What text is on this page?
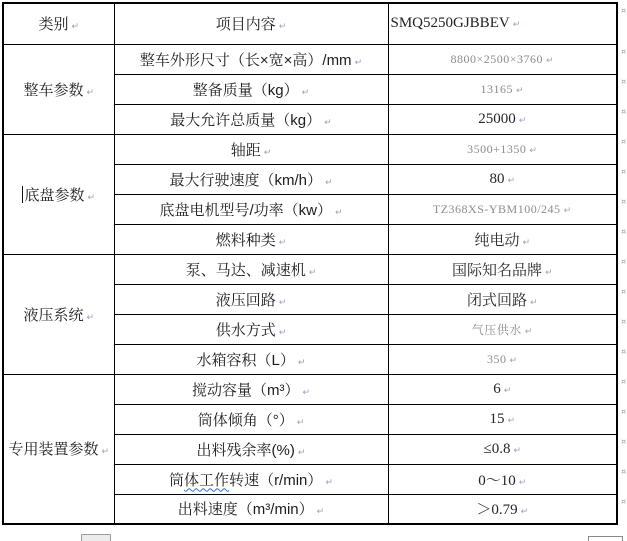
类别 ↵	项目内容 ↵	SMQ5250GJBBEV ↵
整车参数 ↵	整车外形尺寸（长×宽×高）/mm ↵	8800×2500×3760 ↵
	整备质量（kg） ↵	13165 ↵
	最大允许总质量（kg） ↵	25000 ↵
底盘参数 ↵	轴距 ↵	3500+1350 ↵
	最大行驶速度（km/h） ↵	80 ↵
	底盘电机型号/功率（kw） ↵	TZ368XS-YBM100/245 ↵
	燃料种类 ↵	纯电动 ↵
液压系统 ↵	泵、马达、减速机 ↵	国际知名品牌 ↵
	液压回路 ↵	闭式回路 ↵
	供水方式 ↵	气压供水 ↵
	水箱容积（L） ↵	350 ↵
专用装置参数 ↵	搅动容量（m³） ↵	6 ↵
	筒体倾角（°） ↵	15 ↵
	出料残余率(%) ↵	≤0.8 ↵
	筒体工作转速（r/min） ↵	0～10 ↵
	出料速度（m³/min） ↵	＞0.79 ↵
¤
¤
¤
¤
¤
¤
¤
¤
¤
¤
¤
¤
¤
¤
¤
¤
¤
